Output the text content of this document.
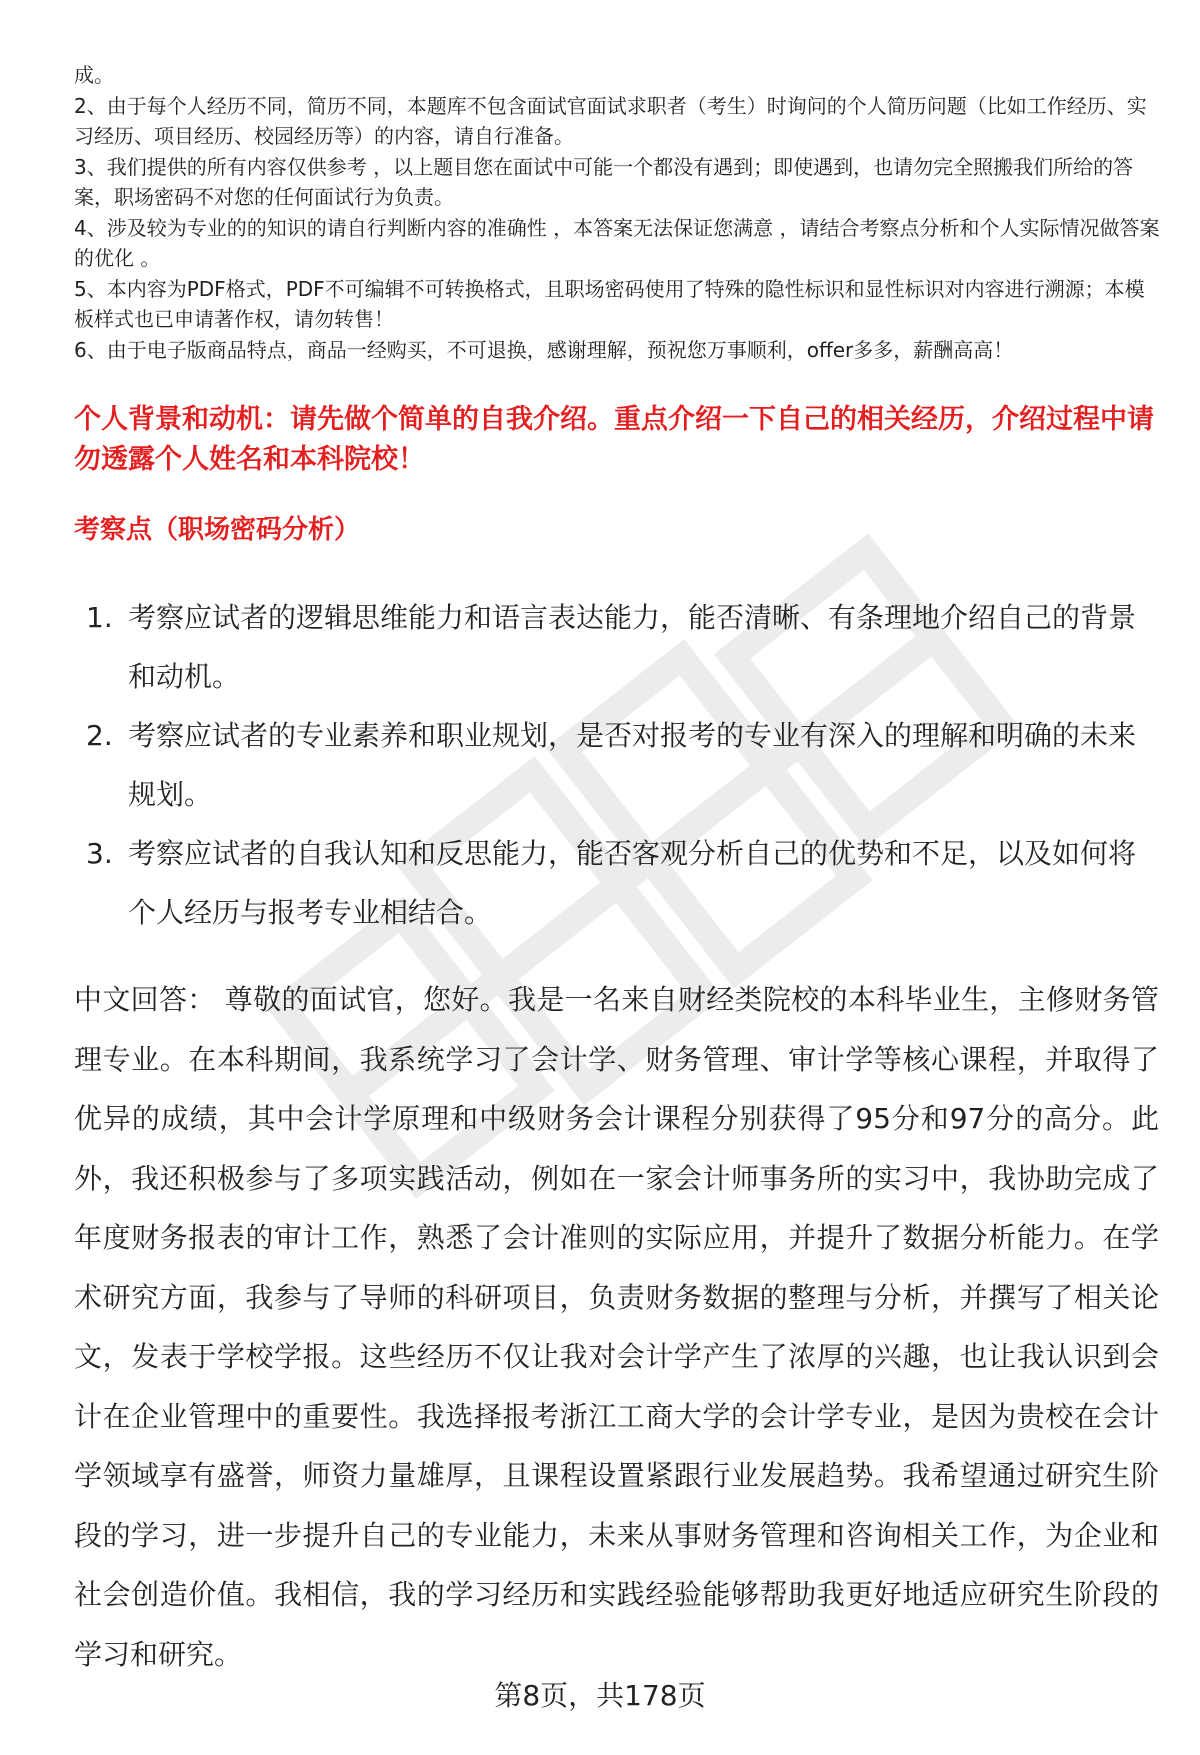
成。

2、由于每个人经历不同，简历不同，本题库不包含面试官面试求职者（考生）时询问的个人简历问题（比如工作经历、实习经历、项目经历、校园经历等）的内容，请自行准备。

3、我们提供的所有内容仅供参考 ，以上题目您在面试中可能一个都没有遇到；即使遇到，也请勿完全照搬我们所给的答案，职场密码不对您的任何面试行为负责。

4、涉及较为专业的的知识的请自行判断内容的准确性 ，本答案无法保证您满意 ，请结合考察点分析和个人实际情况做答案的优化 。

5、本内容为PDF格式，PDF不可编辑不可转换格式，且职场密码使用了特殊的隐性标识和显性标识对内容进行溯源；本模板样式也已申请著作权，请勿转售！

6、由于电子版商品特点，商品一经购买，不可退换，感谢理解，预祝您万事顺利，offer多多，薪酬高高！

个人背景和动机：请先做个简单的自我介绍。重点介绍一下自己的相关经历，介绍过程中请勿透露个人姓名和本科院校！

考察点（职场密码分析）

1. 考察应试者的逻辑思维能力和语言表达能力，能否清晰、有条理地介绍自己的背景和动机。
2. 考察应试者的专业素养和职业规划，是否对报考的专业有深入的理解和明确的未来规划。
3. 考察应试者的自我认知和反思能力，能否客观分析自己的优势和不足，以及如何将个人经历与报考专业相结合。

中文回答： 尊敬的面试官，您好。我是一名来自财经类院校的本科毕业生，主修财务管理专业。在本科期间，我系统学习了会计学、财务管理、审计学等核心课程，并取得了优异的成绩，其中会计学原理和中级财务会计课程分别获得了95分和97分的高分。此外，我还积极参与了多项实践活动，例如在一家会计师事务所的实习中，我协助完成了年度财务报表的审计工作，熟悉了会计准则的实际应用，并提升了数据分析能力。在学术研究方面，我参与了导师的科研项目，负责财务数据的整理与分析，并撰写了相关论文，发表于学校学报。这些经历不仅让我对会计学产生了浓厚的兴趣，也让我认识到会计在企业管理中的重要性。我选择报考浙江工商大学的会计学专业，是因为贵校在会计学领域享有盛誉，师资力量雄厚，且课程设置紧跟行业发展趋势。我希望通过研究生阶段的学习，进一步提升自己的专业能力，未来从事财务管理和咨询相关工作，为企业和社会创造价值。我相信，我的学习经历和实践经验能够帮助我更好地适应研究生阶段的学习和研究。

第8页，共178页
